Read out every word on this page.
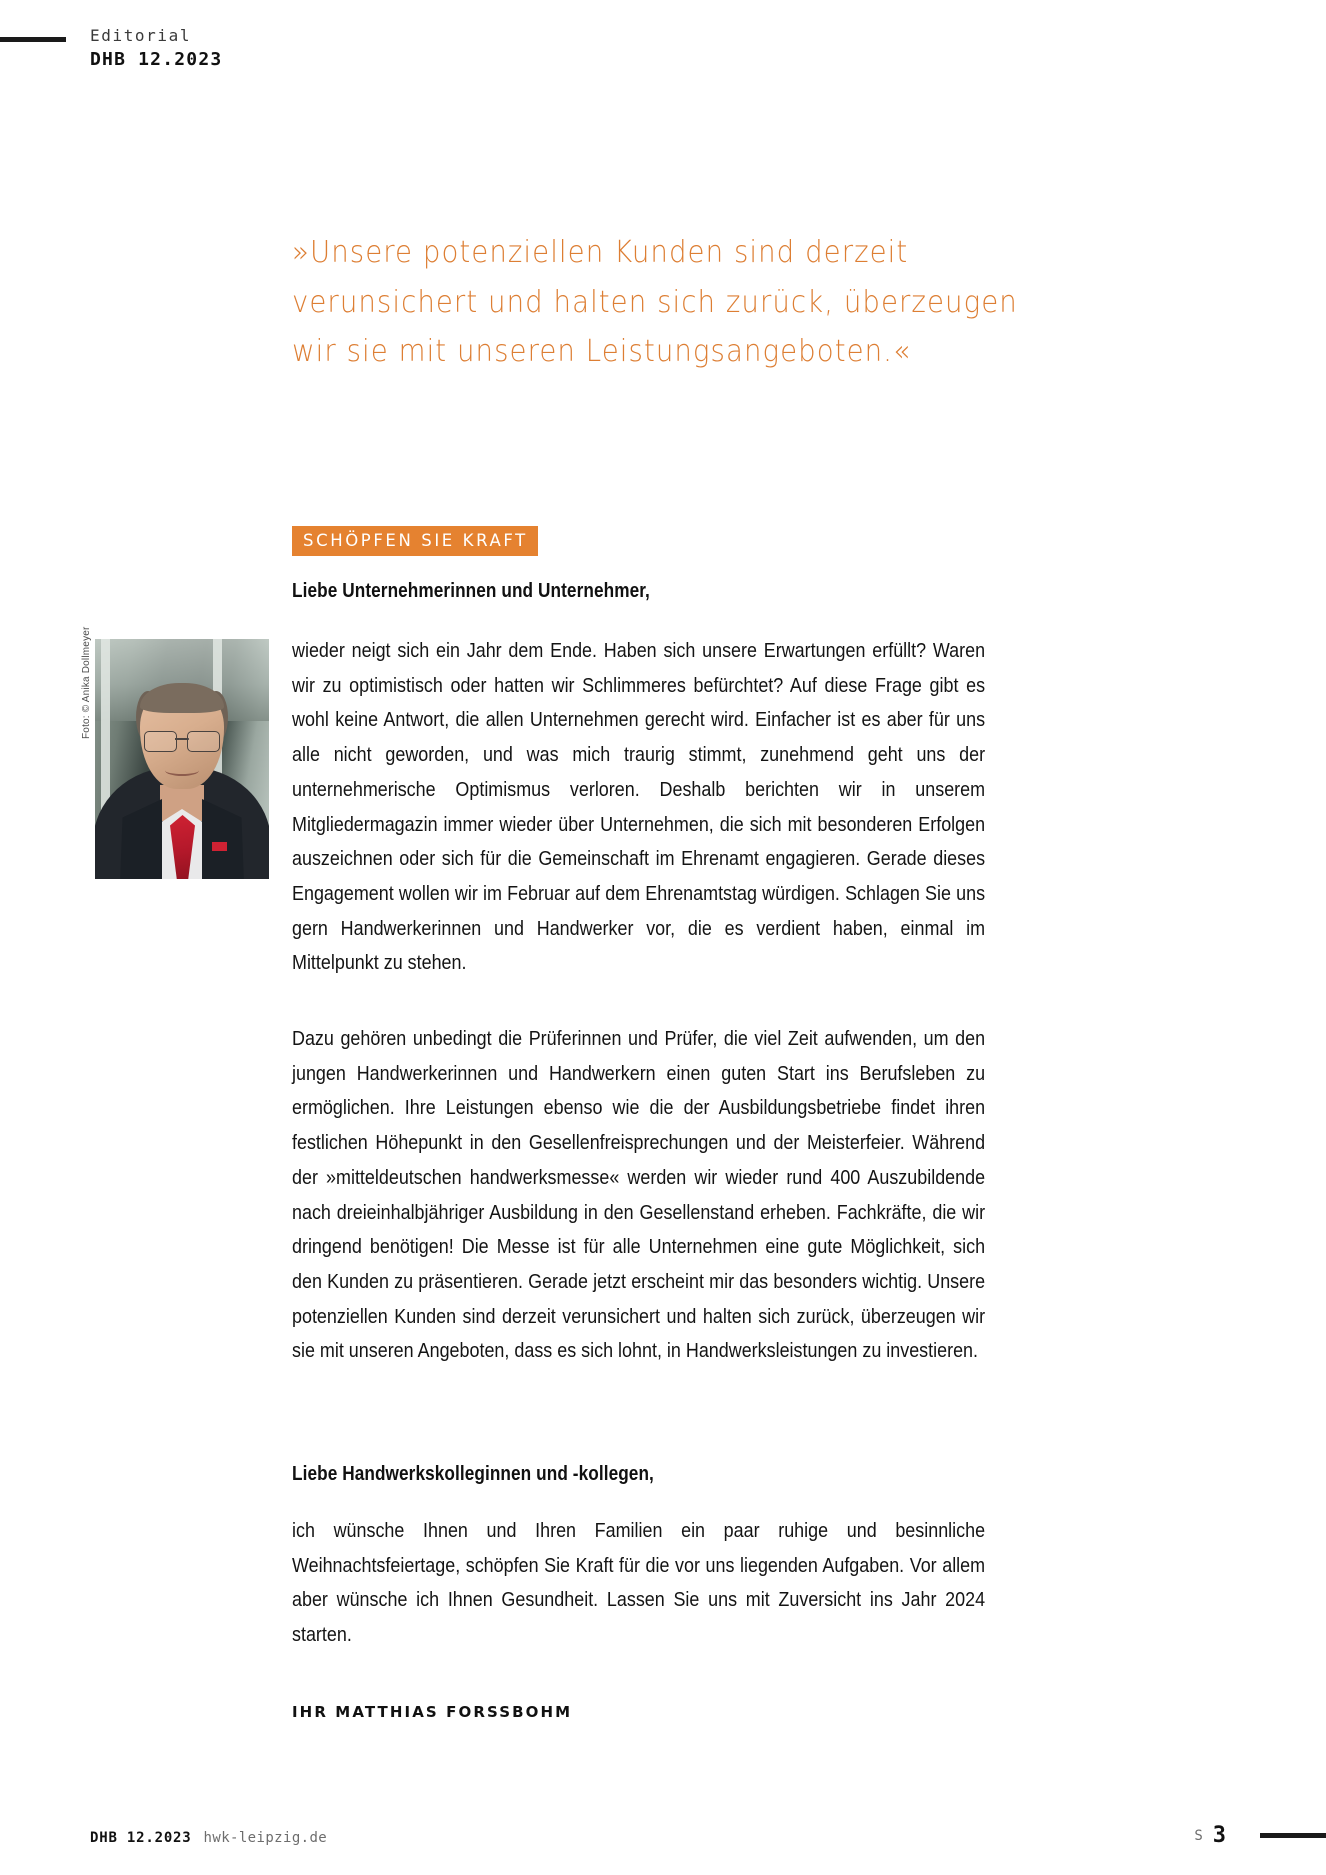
Editorial
DHB 12.2023
»Unsere potenziellen Kunden sind derzeit verunsichert und halten sich zurück, überzeugen wir sie mit unseren Leistungsangeboten.«
SCHÖPFEN SIE KRAFT
Liebe Unternehmerinnen und Unternehmer,
Foto: © Anika Dollmeyer	wieder neigt sich ein Jahr dem Ende. Haben sich unsere Erwartungen erfüllt? Waren wir zu optimistisch oder hatten wir Schlimmeres befürchtet? Auf diese Frage gibt es wohl keine Antwort, die allen Unternehmen gerecht wird. Einfacher ist es aber für uns alle nicht geworden, und was mich traurig stimmt, zunehmend geht uns der unternehmerische Optimismus verloren. Deshalb berichten wir in unserem Mitgliedermagazin immer wieder über Unternehmen, die sich mit besonderen Erfolgen auszeichnen oder sich für die Gemeinschaft im Ehrenamt engagieren. Gerade dieses Engagement wollen wir im Februar auf dem Ehrenamtstag würdigen. Schlagen Sie uns gern Handwerkerinnen und Handwerker vor, die es verdient haben, einmal im Mittelpunkt zu stehen.

Dazu gehören unbedingt die Prüferinnen und Prüfer, die viel Zeit aufwenden, um den jungen Handwerkerinnen und Handwerkern einen guten Start ins Berufsleben zu ermöglichen. Ihre Leistungen ebenso wie die der Ausbildungsbetriebe findet ihren festlichen Höhepunkt in den Gesellenfreisprechungen und der Meisterfeier. Während der »mitteldeutschen handwerksmesse« werden wir wieder rund 400 Auszubildende nach dreieinhalbjähriger Ausbildung in den Gesellenstand erheben. Fachkräfte, die wir dringend benötigen! Die Messe ist für alle Unternehmen eine gute Möglichkeit, sich den Kunden zu präsentieren. Gerade jetzt erscheint mir das besonders wichtig. Unsere potenziellen Kunden sind derzeit verunsichert und halten sich zurück, überzeugen wir sie mit unseren Angeboten, dass es sich lohnt, in Handwerksleistungen zu investieren.

Liebe Handwerkskolleginnen und -kollegen,

ich wünsche Ihnen und Ihren Familien ein paar ruhige und besinnliche Weihnachtsfeiertage, schöpfen Sie Kraft für die vor uns liegenden Aufgaben. Vor allem aber wünsche ich Ihnen Gesundheit. Lassen Sie uns mit Zuversicht ins Jahr 2024 starten.

IHR MATTHIAS FORSSBOHM
DHB 12.2023 hwk-leipzig.de	S 3
